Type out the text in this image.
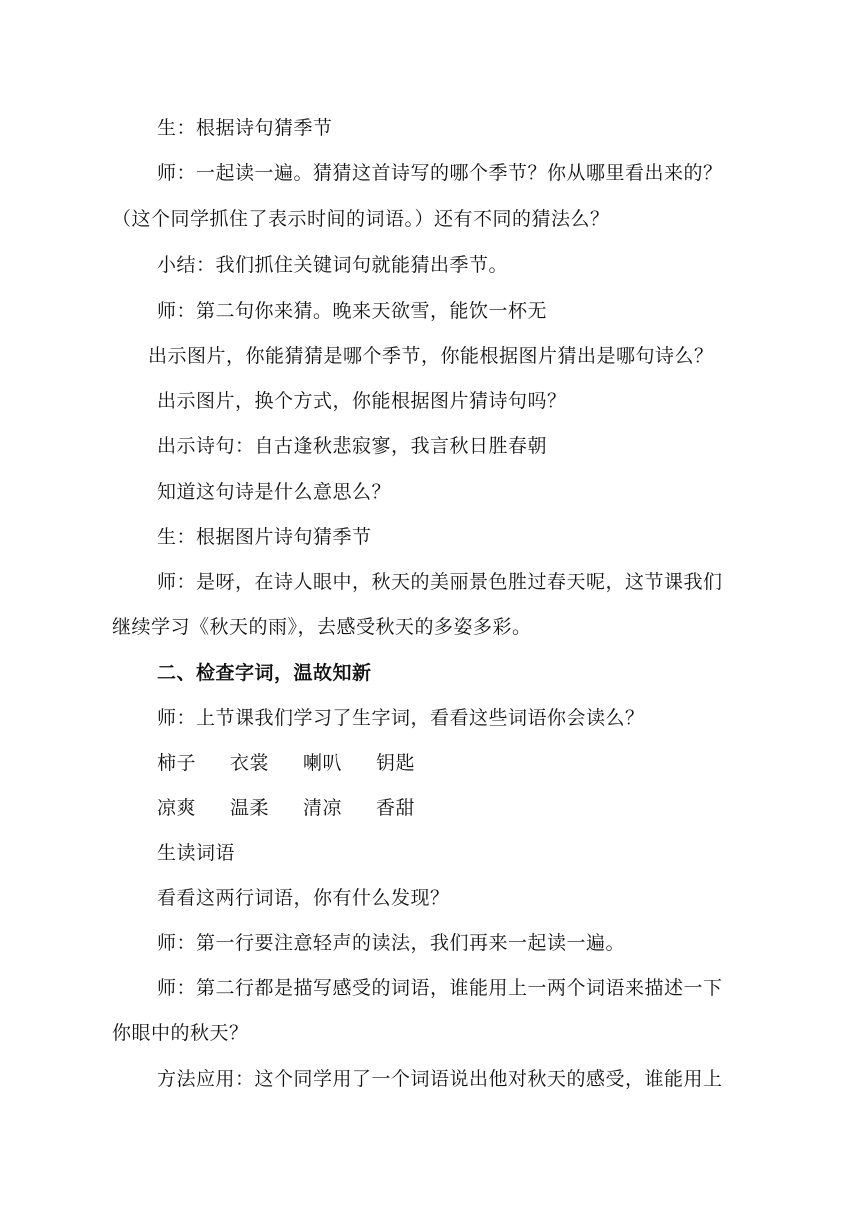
生：根据诗句猜季节
师：一起读一遍。猜猜这首诗写的哪个季节？你从哪里看出来的？
（这个同学抓住了表示时间的词语。）还有不同的猜法么？
小结：我们抓住关键词句就能猜出季节。
师：第二句你来猜。晚来天欲雪，能饮一杯无
出示图片，你能猜猜是哪个季节，你能根据图片猜出是哪句诗么？
出示图片，换个方式，你能根据图片猜诗句吗？
出示诗句：自古逢秋悲寂寥，我言秋日胜春朝
知道这句诗是什么意思么？
生：根据图片诗句猜季节
师：是呀，在诗人眼中，秋天的美丽景色胜过春天呢，这节课我们
继续学习《秋天的雨》，去感受秋天的多姿多彩。
二、检查字词，温故知新
师：上节课我们学习了生字词，看看这些词语你会读么？
柿子 衣裳 喇叭 钥匙
凉爽 温柔 清凉 香甜
生读词语
看看这两行词语，你有什么发现？
师：第一行要注意轻声的读法，我们再来一起读一遍。
师：第二行都是描写感受的词语，谁能用上一两个词语来描述一下
你眼中的秋天？
方法应用：这个同学用了一个词语说出他对秋天的感受，谁能用上
